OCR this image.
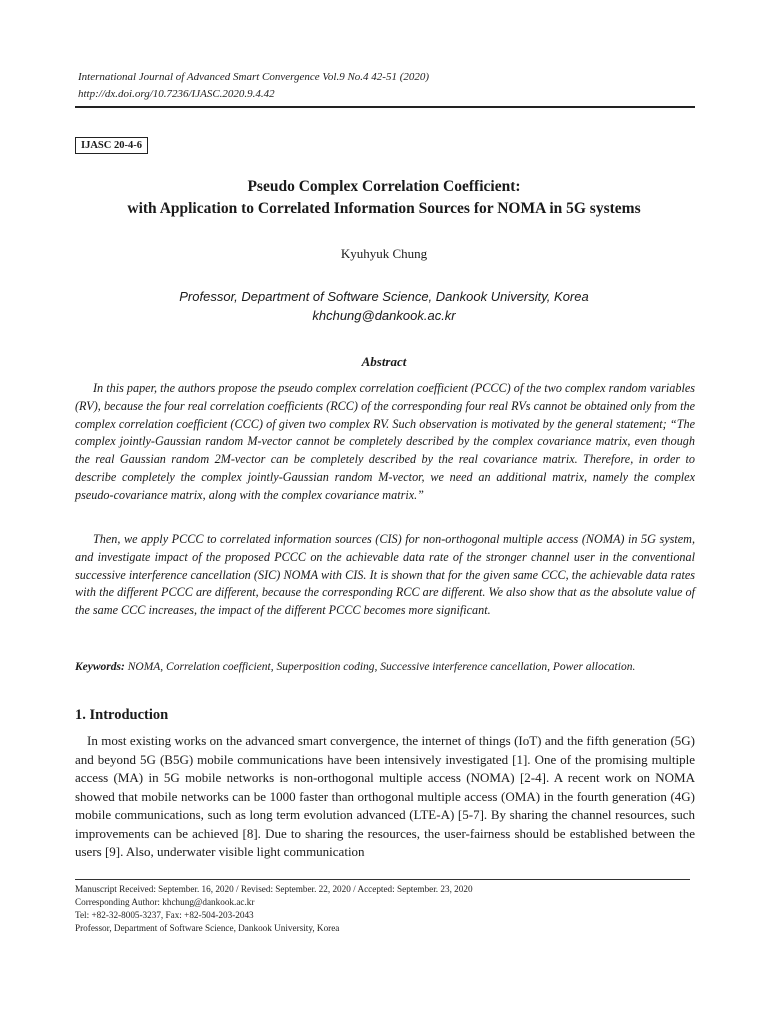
International Journal of Advanced Smart Convergence Vol.9 No.4 42-51 (2020)
http://dx.doi.org/10.7236/IJASC.2020.9.4.42
IJASC 20-4-6
Pseudo Complex Correlation Coefficient:
with Application to Correlated Information Sources for NOMA in 5G systems
Kyuhyuk Chung
Professor, Department of Software Science, Dankook University, Korea
khchung@dankook.ac.kr
Abstract

In this paper, the authors propose the pseudo complex correlation coefficient (PCCC) of the two complex random variables (RV), because the four real correlation coefficients (RCC) of the corresponding four real RVs cannot be obtained only from the complex correlation coefficient (CCC) of given two complex RV. Such observation is motivated by the general statement; “The complex jointly-Gaussian random M-vector cannot be completely described by the complex covariance matrix, even though the real Gaussian random 2M-vector can be completely described by the real covariance matrix. Therefore, in order to describe completely the complex jointly-Gaussian random M-vector, we need an additional matrix, namely the complex pseudo-covariance matrix, along with the complex covariance matrix.”

Then, we apply PCCC to correlated information sources (CIS) for non-orthogonal multiple access (NOMA) in 5G system, and investigate impact of the proposed PCCC on the achievable data rate of the stronger channel user in the conventional successive interference cancellation (SIC) NOMA with CIS. It is shown that for the given same CCC, the achievable data rates with the different PCCC are different, because the corresponding RCC are different. We also show that as the absolute value of the same CCC increases, the impact of the different PCCC becomes more significant.

Keywords: NOMA, Correlation coefficient, Superposition coding, Successive interference cancellation, Power allocation.

1. Introduction

In most existing works on the advanced smart convergence, the internet of things (IoT) and the fifth generation (5G) and beyond 5G (B5G) mobile communications have been intensively investigated [1]. One of the promising multiple access (MA) in 5G mobile networks is non-orthogonal multiple access (NOMA) [2-4]. A recent work on NOMA showed that mobile networks can be 1000 faster than orthogonal multiple access (OMA) in the fourth generation (4G) mobile communications, such as long term evolution advanced (LTE-A) [5-7]. By sharing the channel resources, such improvements can be achieved [8]. Due to sharing the resources, the user-fairness should be established between the users [9]. Also, underwater visible light communication

Manuscript Received: September. 16, 2020 / Revised: September. 22, 2020 / Accepted: September. 23, 2020
Corresponding Author: khchung@dankook.ac.kr
Tel: +82-32-8005-3237, Fax: +82-504-203-2043
Professor, Department of Software Science, Dankook University, Korea
